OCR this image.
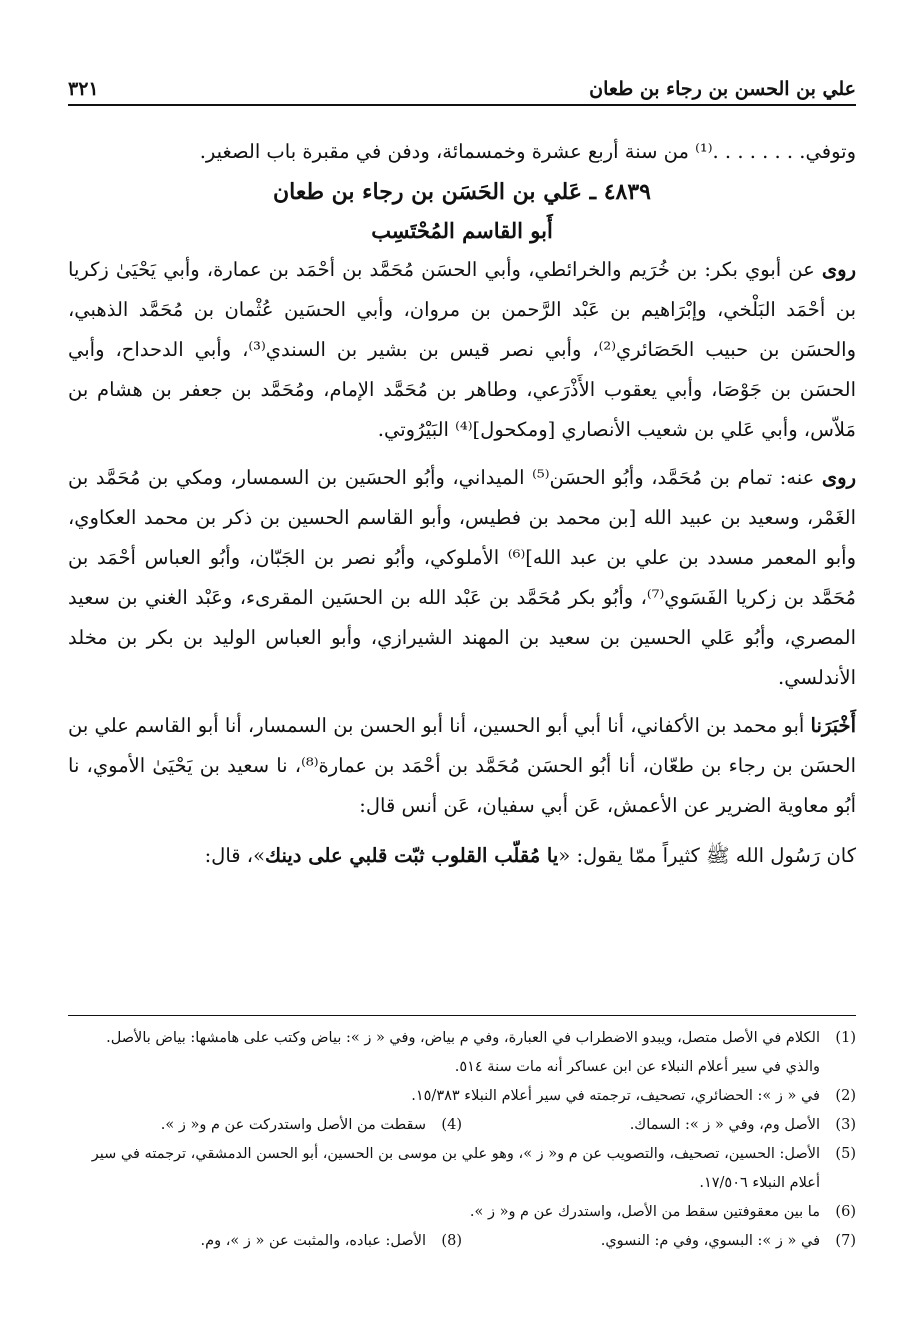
علي بن الحسن بن رجاء بن طعان
٣٢١

وتوفي. . . . . . . .⁽¹⁾ من سنة أربع عشرة وخمسمائة، ودفن في مقبرة باب الصغير.

٤٨٣٩ ـ عَلي بن الحَسَن بن رجاء بن طعان

أَبو القاسم المُحْتَسِب

روى عن أبوي بكر: بن خُرَيم والخرائطي، وأبي الحسَن مُحَمَّد بن أحْمَد بن عمارة، وأبي يَحْيَىٰ زكريا بن أحْمَد البَلْخي، وإبْرَاهيم بن عَبْد الرَّحمن بن مروان، وأبي الحسَين عُثْمان بن مُحَمَّد الذهبي، والحسَن بن حبيب الحَصَائري⁽²⁾، وأبي نصر قيس بن بشير بن السندي⁽³⁾، وأبي الدحداح، وأبي الحسَن بن جَوْصَا، وأبي يعقوب الأَذْرَعي، وطاهر بن مُحَمَّد الإمام، ومُحَمَّد بن جعفر بن هشام بن مَلاّس، وأبي عَلي بن شعيب الأنصاري [ومكحول]⁽⁴⁾ البَيْرُوتي.

روى عنه: تمام بن مُحَمَّد، وأبُو الحسَن⁽⁵⁾ الميداني، وأبُو الحسَين بن السمسار، ومكي بن مُحَمَّد بن الغَمْر، وسعيد بن عبيد الله [بن محمد بن فطيس، وأبو القاسم الحسين بن ذكر بن محمد العكاوي، وأبو المعمر مسدد بن علي بن عبد الله]⁽⁶⁾ الأملوكي، وأبُو نصر بن الجَبّان، وأبُو العباس أحْمَد بن مُحَمَّد بن زكريا الفَسَوي⁽⁷⁾، وأبُو بكر مُحَمَّد بن عَبْد الله بن الحسَين المقرىء، وعَبْد الغني بن سعيد المصري، وأبُو عَلي الحسين بن سعيد بن المهند الشيرازي، وأبو العباس الوليد بن بكر بن مخلد الأندلسي.

أَخْبَرَنا أبو محمد بن الأكفاني، أنا أبي أبو الحسين، أنا أبو الحسن بن السمسار، أنا أبو القاسم علي بن الحسَن بن رجاء بن طعّان، أنا أبُو الحسَن مُحَمَّد بن أحْمَد بن عمارة⁽⁸⁾، نا سعيد بن يَحْيَىٰ الأموي، نا أبُو معاوية الضرير عن الأعمش، عَن أبي سفيان، عَن أنس قال:

كان رَسُول الله ﷺ كثيراً ممّا يقول: «يا مُقلّب القلوب ثبّت قلبي على دينك»، قال:

(1)
الكلام في الأصل متصل، ويبدو الاضطراب في العبارة، وفي م بياض، وفي « ز »: بياض وكتب على هامشها: بياض بالأصل. والذي في سير أعلام النبلاء عن ابن عساكر أنه مات سنة ٥١٤.
(2)
في « ز »: الحضائري، تصحيف، ترجمته في سير أعلام النبلاء ١٥/٣٨٣.
(3)
الأصل وم، وفي « ز »: السماك.
(4)
سقطت من الأصل واستدركت عن م و« ز ».
(5)
الأصل: الحسين، تصحيف، والتصويب عن م و« ز »، وهو علي بن موسى بن الحسين، أبو الحسن الدمشقي، ترجمته في سير أعلام النبلاء ١٧/٥٠٦.
(6)
ما بين معقوفتين سقط من الأصل، واستدرك عن م و« ز ».
(7)
في « ز »: البسوي، وفي م: النسوي.
(8)
الأصل: عباده، والمثبت عن « ز »، وم.
